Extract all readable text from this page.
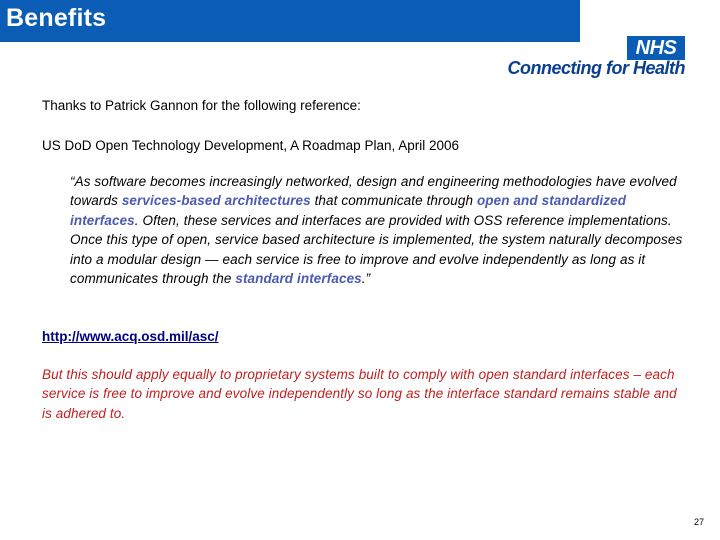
Benefits
NHS
Connecting for Health
Thanks to Patrick Gannon for the following reference:
US DoD Open Technology Development, A Roadmap Plan, April 2006
“As software becomes increasingly networked, design and engineering methodologies have evolved towards services-based architectures that communicate through open and standardized interfaces. Often, these services and interfaces are provided with OSS reference implementations. Once this type of open, service based architecture is implemented, the system naturally decomposes into a modular design — each service is free to improve and evolve independently as long as it communicates through the standard interfaces.”
http://www.acq.osd.mil/asc/
But this should apply equally to proprietary systems built to comply with open standard interfaces – each service is free to improve and evolve independently so long as the interface standard remains stable and is adhered to.
27
